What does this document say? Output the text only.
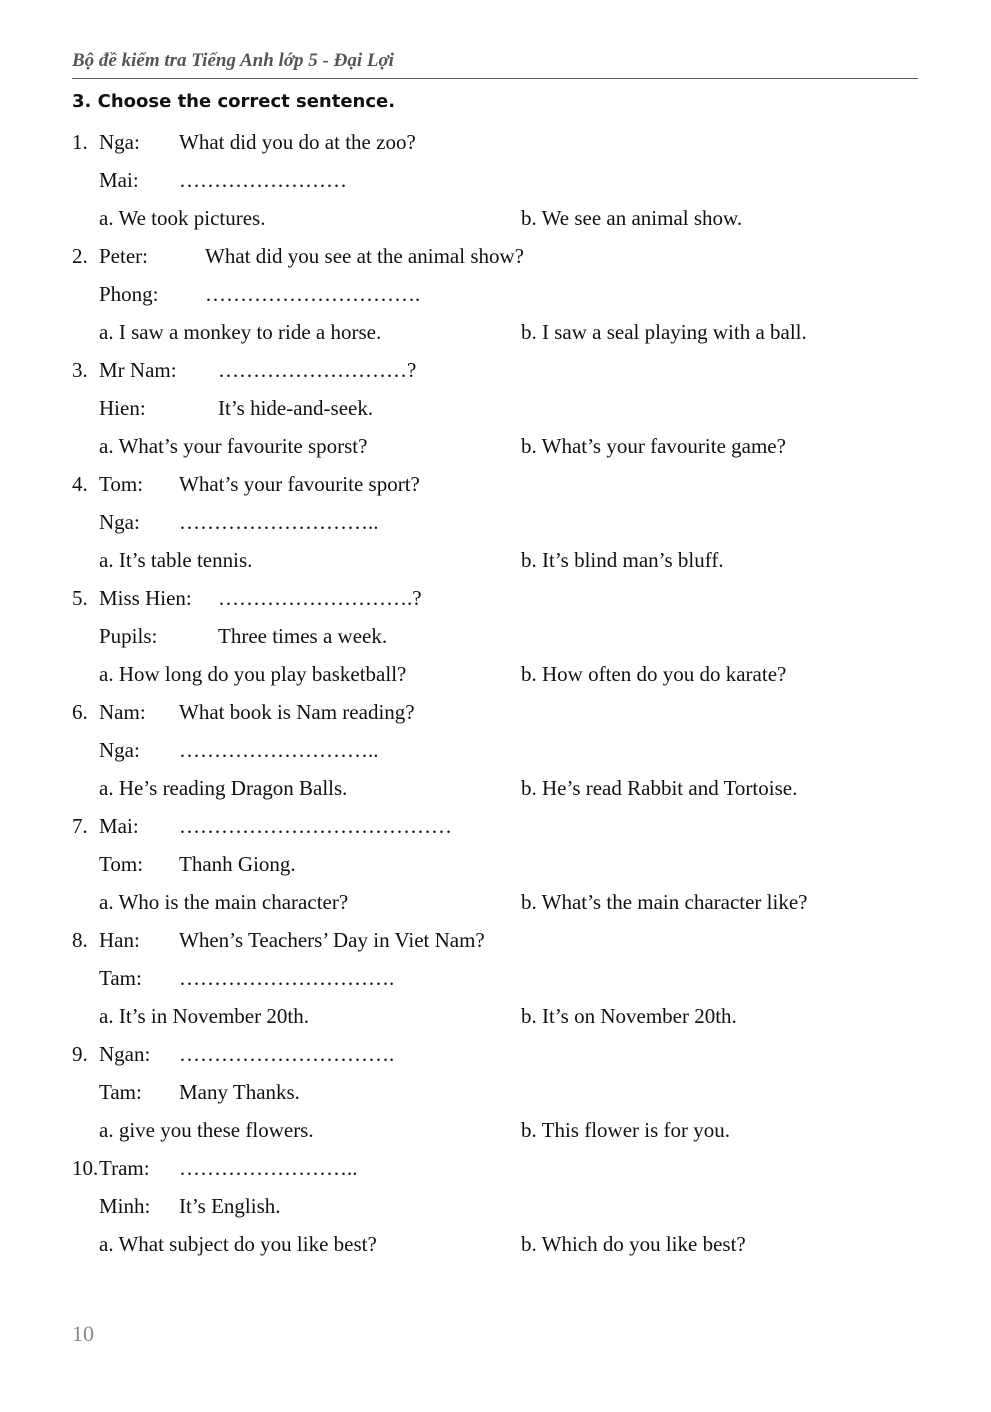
Bộ đề kiểm tra Tiếng Anh lớp 5 - Đại Lợi
3. Choose the correct sentence.
1. Nga: What did you do at the zoo?
Mai: ……………………
a. We took pictures.	b. We see an animal show.
2. Peter:	What did you see at the animal show?
Phong: ………………………….
a. I saw a monkey to ride a horse.	b. I saw a seal playing with a ball.
3. Mr Nam: ………………………?
Hien:	It’s hide-and-seek.
a. What’s your favourite sporst?	b. What’s your favourite game?
4. Tom: What’s your favourite sport?
Nga: ………………………..
a. It’s table tennis.	b. It’s blind man’s bluff.
5. Miss Hien: ……………………….?
Pupils:	Three times a week.
a. How long do you play basketball?	b. How often do you do karate?
6. Nam: What book is Nam reading?
Nga: ………………………..
a. He’s reading Dragon Balls.	b. He’s read Rabbit and Tortoise.
7. Mai: …………………………………
Tom: Thanh Giong.
a. Who is the main character?	b. What’s the main character like?
8. Han: When’s Teachers’ Day in Viet Nam?
Tam: ………………………….
a. It’s in November 20th.	b. It’s on November 20th.
9. Ngan: ………………………….
Tam: Many Thanks.
a. give you these flowers.	b. This flower is for you.
10. Tram: ……………………..
Minh: It’s English.
a. What subject do you like best?	b. Which do you like best?
10
